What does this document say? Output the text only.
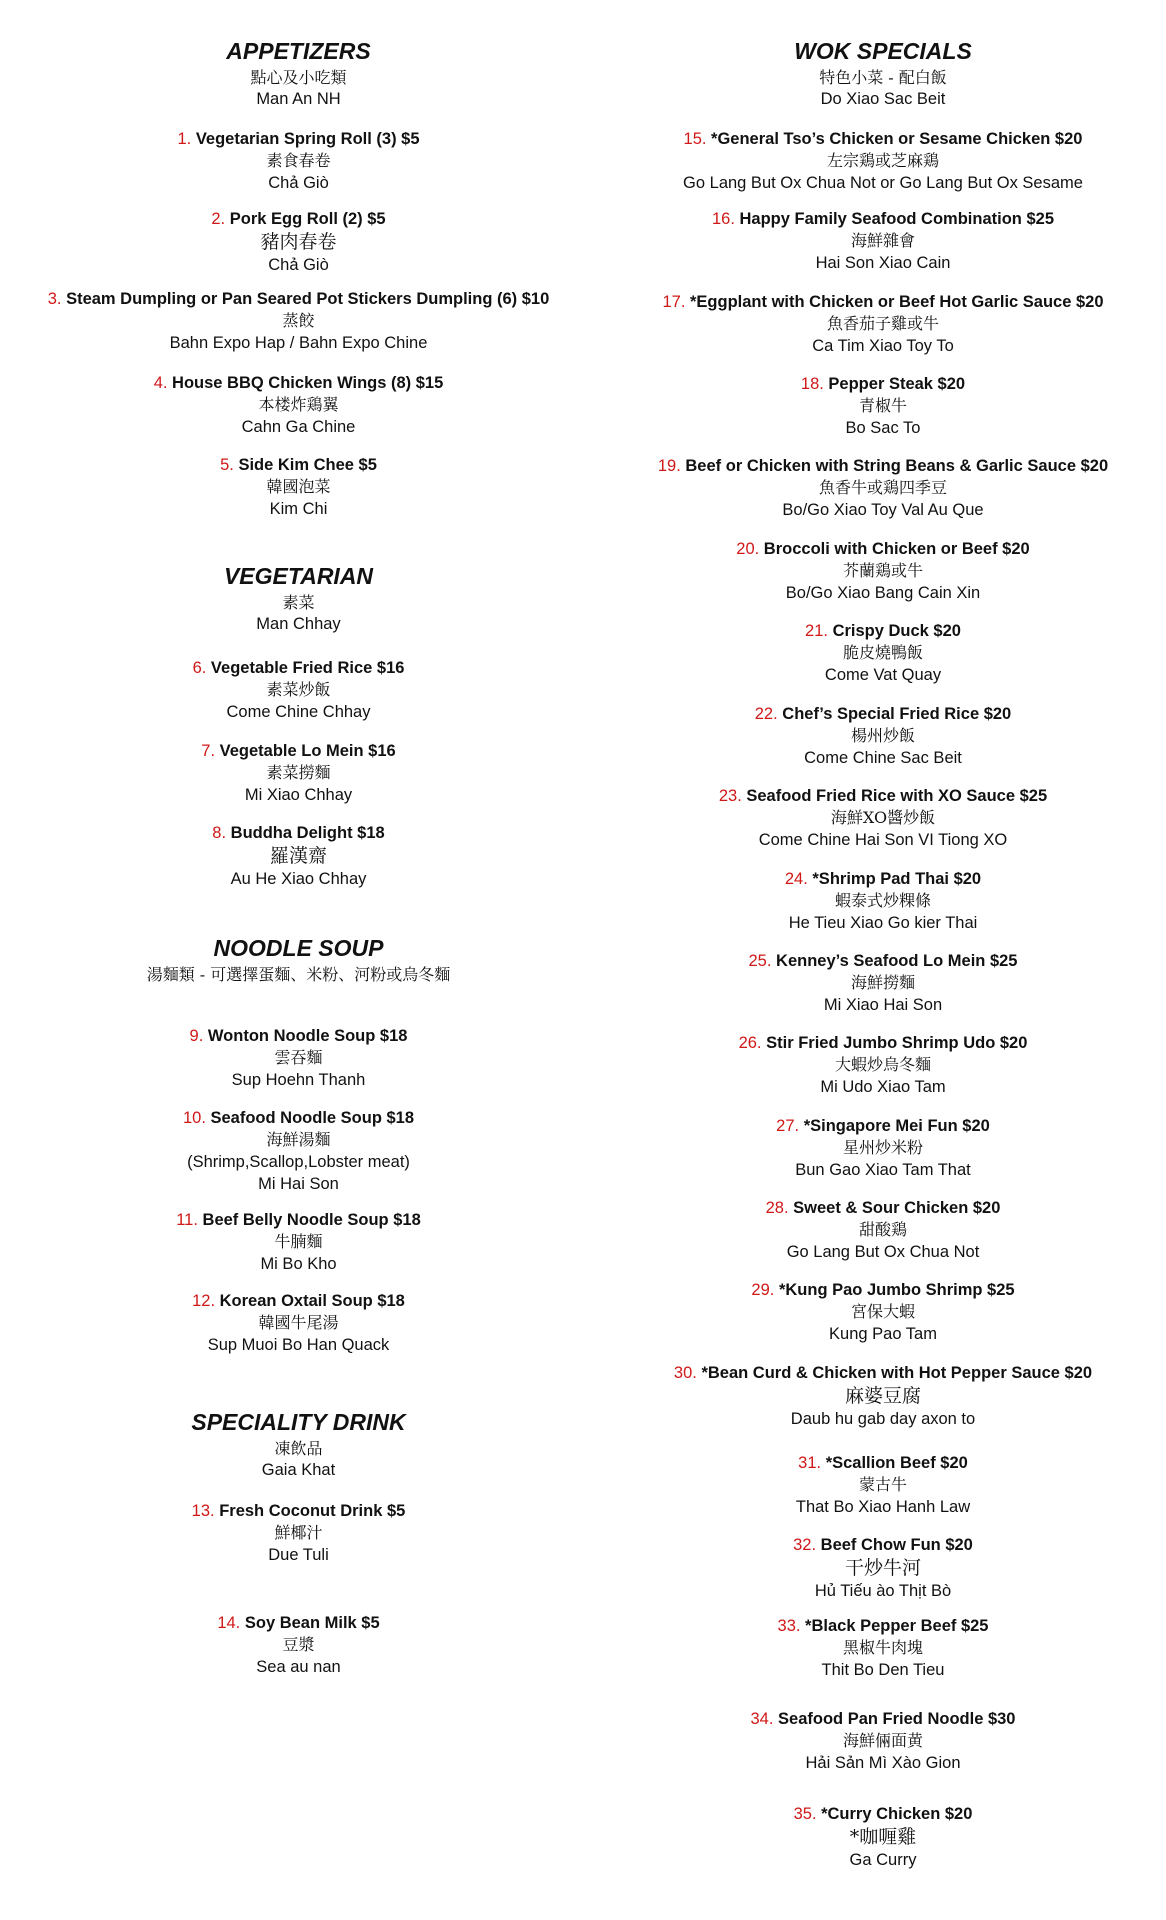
APPETIZERS
點心及小吃類
Man An NH
1. Vegetarian Spring Roll (3) $5
素食春卷
Chả Giò
2. Pork Egg Roll (2) $5
豬肉春卷
Chả Giò
3. Steam Dumpling or Pan Seared Pot Stickers Dumpling (6) $10
蒸餃
Bahn Expo Hap / Bahn Expo Chine
4. House BBQ Chicken Wings (8) $15
本楼炸鶏翼
Cahn Ga Chine
5. Side Kim Chee $5
韓國泡菜
Kim Chi
VEGETARIAN
素菜
Man Chhay
6. Vegetable Fried Rice $16
素菜炒飯
Come Chine Chhay
7. Vegetable Lo Mein $16
素菜撈麵
Mi Xiao Chhay
8. Buddha Delight $18
羅漢齋
Au He Xiao Chhay
NOODLE SOUP
湯麵類 - 可選擇蛋麵、米粉、河粉或烏冬麵
9. Wonton Noodle Soup $18
雲吞麵
Sup Hoehn Thanh
10. Seafood Noodle Soup $18
海鮮湯麵
(Shrimp,Scallop,Lobster meat)
Mi Hai Son
11. Beef Belly Noodle Soup $18
牛腩麵
Mi Bo Kho
12. Korean Oxtail Soup $18
韓國牛尾湯
Sup Muoi Bo Han Quack
SPECIALITY DRINK
凍飲品
Gaia Khat
13. Fresh Coconut Drink $5
鮮椰汁
Due Tuli
14. Soy Bean Milk $5
豆漿
Sea au nan
WOK SPECIALS
特色小菜 - 配白飯
Do Xiao Sac Beit
15. *General Tso’s Chicken or Sesame Chicken $20
左宗鶏或芝麻鶏
Go Lang But Ox Chua Not or Go Lang But Ox Sesame
16. Happy Family Seafood Combination $25
海鮮雜會
Hai Son Xiao Cain
17. *Eggplant with Chicken or Beef Hot Garlic Sauce $20
魚香茄子雞或牛
Ca Tim Xiao Toy To
18. Pepper Steak $20
青椒牛
Bo Sac To
19. Beef or Chicken with String Beans & Garlic Sauce $20
魚香牛或鶏四季豆
Bo/Go Xiao Toy Val Au Que
20. Broccoli with Chicken or Beef $20
芥蘭鶏或牛
Bo/Go Xiao Bang Cain Xin
21. Crispy Duck $20
脆皮燒鴨飯
Come Vat Quay
22. Chef’s Special Fried Rice $20
楊州炒飯
Come Chine Sac Beit
23. Seafood Fried Rice with XO Sauce $25
海鮮XO醬炒飯
Come Chine Hai Son VI Tiong XO
24. *Shrimp Pad Thai $20
蝦泰式炒粿條
He Tieu Xiao Go kier Thai
25. Kenney’s Seafood Lo Mein $25
海鮮撈麵
Mi Xiao Hai Son
26. Stir Fried Jumbo Shrimp Udo $20
大蝦炒烏冬麵
Mi Udo Xiao Tam
27. *Singapore Mei Fun $20
星州炒米粉
Bun Gao Xiao Tam That
28. Sweet & Sour Chicken $20
甜酸鶏
Go Lang But Ox Chua Not
29. *Kung Pao Jumbo Shrimp $25
宮保大蝦
Kung Pao Tam
30. *Bean Curd & Chicken with Hot Pepper Sauce $20
麻婆豆腐
Daub hu gab day axon to
31. *Scallion Beef $20
蒙古牛
That Bo Xiao Hanh Law
32. Beef Chow Fun $20
干炒牛河
Hủ Tiếu ào Thịt Bò
33. *Black Pepper Beef $25
黑椒牛肉塊
Thit Bo Den Tieu
34. Seafood Pan Fried Noodle $30
海鮮倆面黄
Hải Sản Mì Xào Gion
35. *Curry Chicken $20
*咖喱雞
Ga Curry
